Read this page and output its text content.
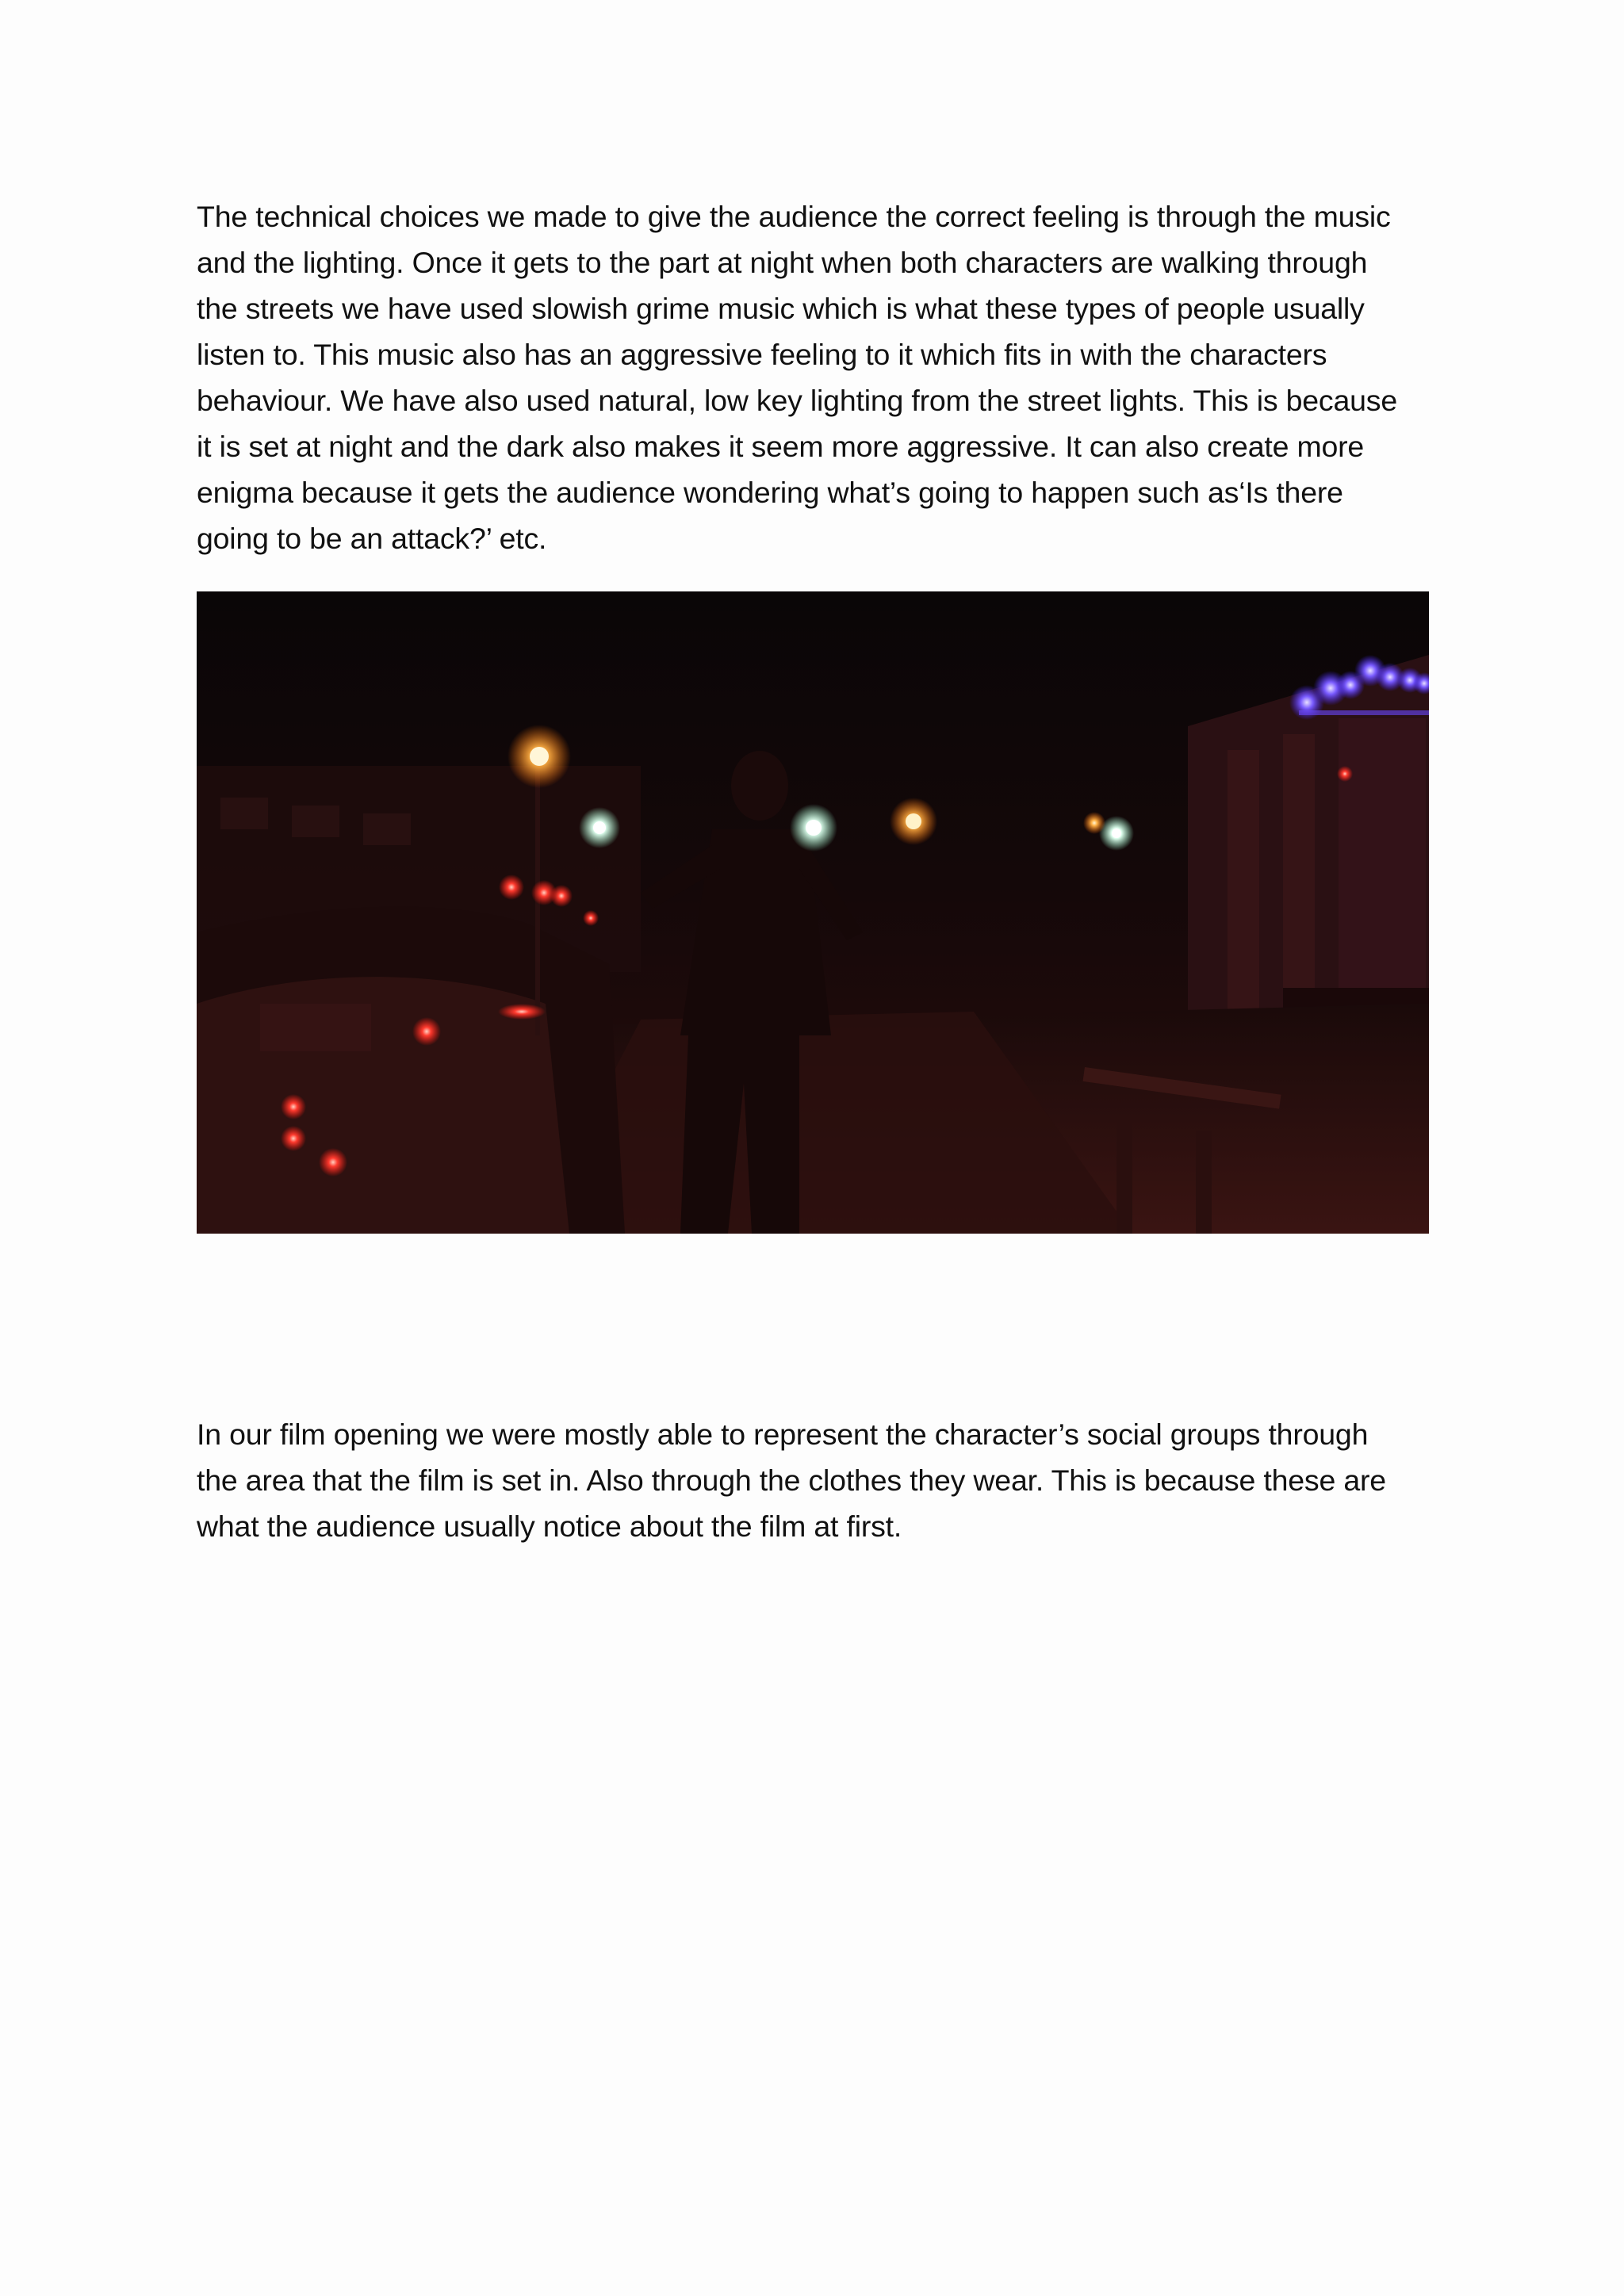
The technical choices we made to give the audience the correct feeling is through the music
and the lighting. Once it gets to the part at night when both characters are walking through
the streets we have used slowish grime music which is what these types of people usually
listen to. This music also has an aggressive feeling to it which fits in with the characters
behaviour. We have also used natural, low key lighting from the street lights. This is because
it is set at night and the dark also makes it seem more aggressive. It can also create more
enigma because it gets the audience wondering what’s going to happen such as‘Is there
going to be an attack?’ etc.

In our film opening we were mostly able to represent the character’s social groups through
the area that the film is set in. Also through the clothes they wear. This is because these are
what the audience usually notice about the film at first.
